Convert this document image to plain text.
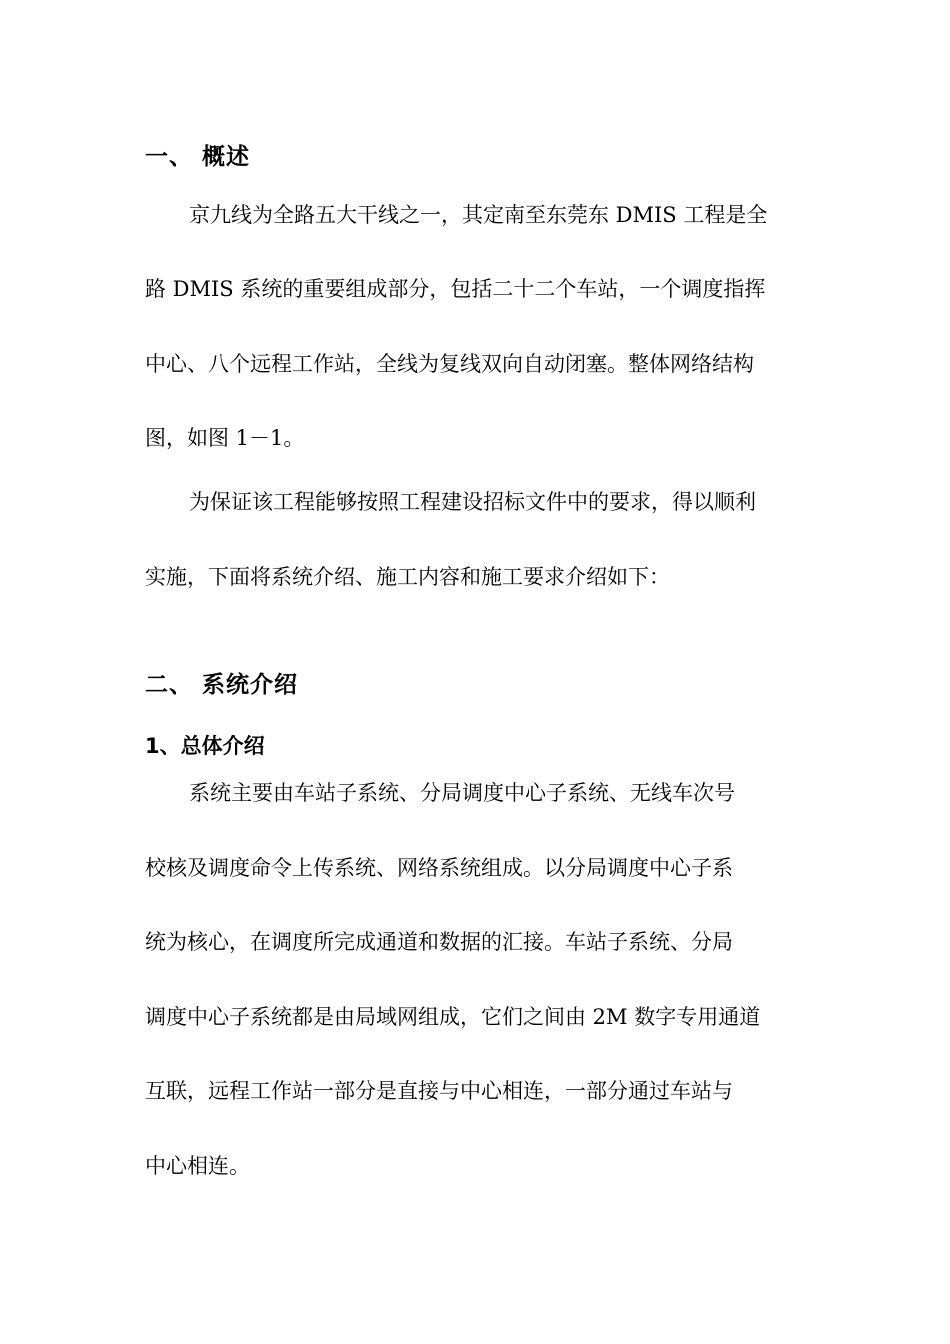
一、 概述
京九线为全路五大干线之一，其定南至东莞东 DMIS 工程是全
路 DMIS 系统的重要组成部分，包括二十二个车站，一个调度指挥
中心、八个远程工作站，全线为复线双向自动闭塞。整体网络结构
图，如图 1－1。
为保证该工程能够按照工程建设招标文件中的要求，得以顺利
实施，下面将系统介绍、施工内容和施工要求介绍如下：
二、 系统介绍
1、总体介绍
系统主要由车站子系统、分局调度中心子系统、无线车次号
校核及调度命令上传系统、网络系统组成。以分局调度中心子系
统为核心，在调度所完成通道和数据的汇接。车站子系统、分局
调度中心子系统都是由局域网组成，它们之间由 2M 数字专用通道
互联，远程工作站一部分是直接与中心相连，一部分通过车站与
中心相连。
